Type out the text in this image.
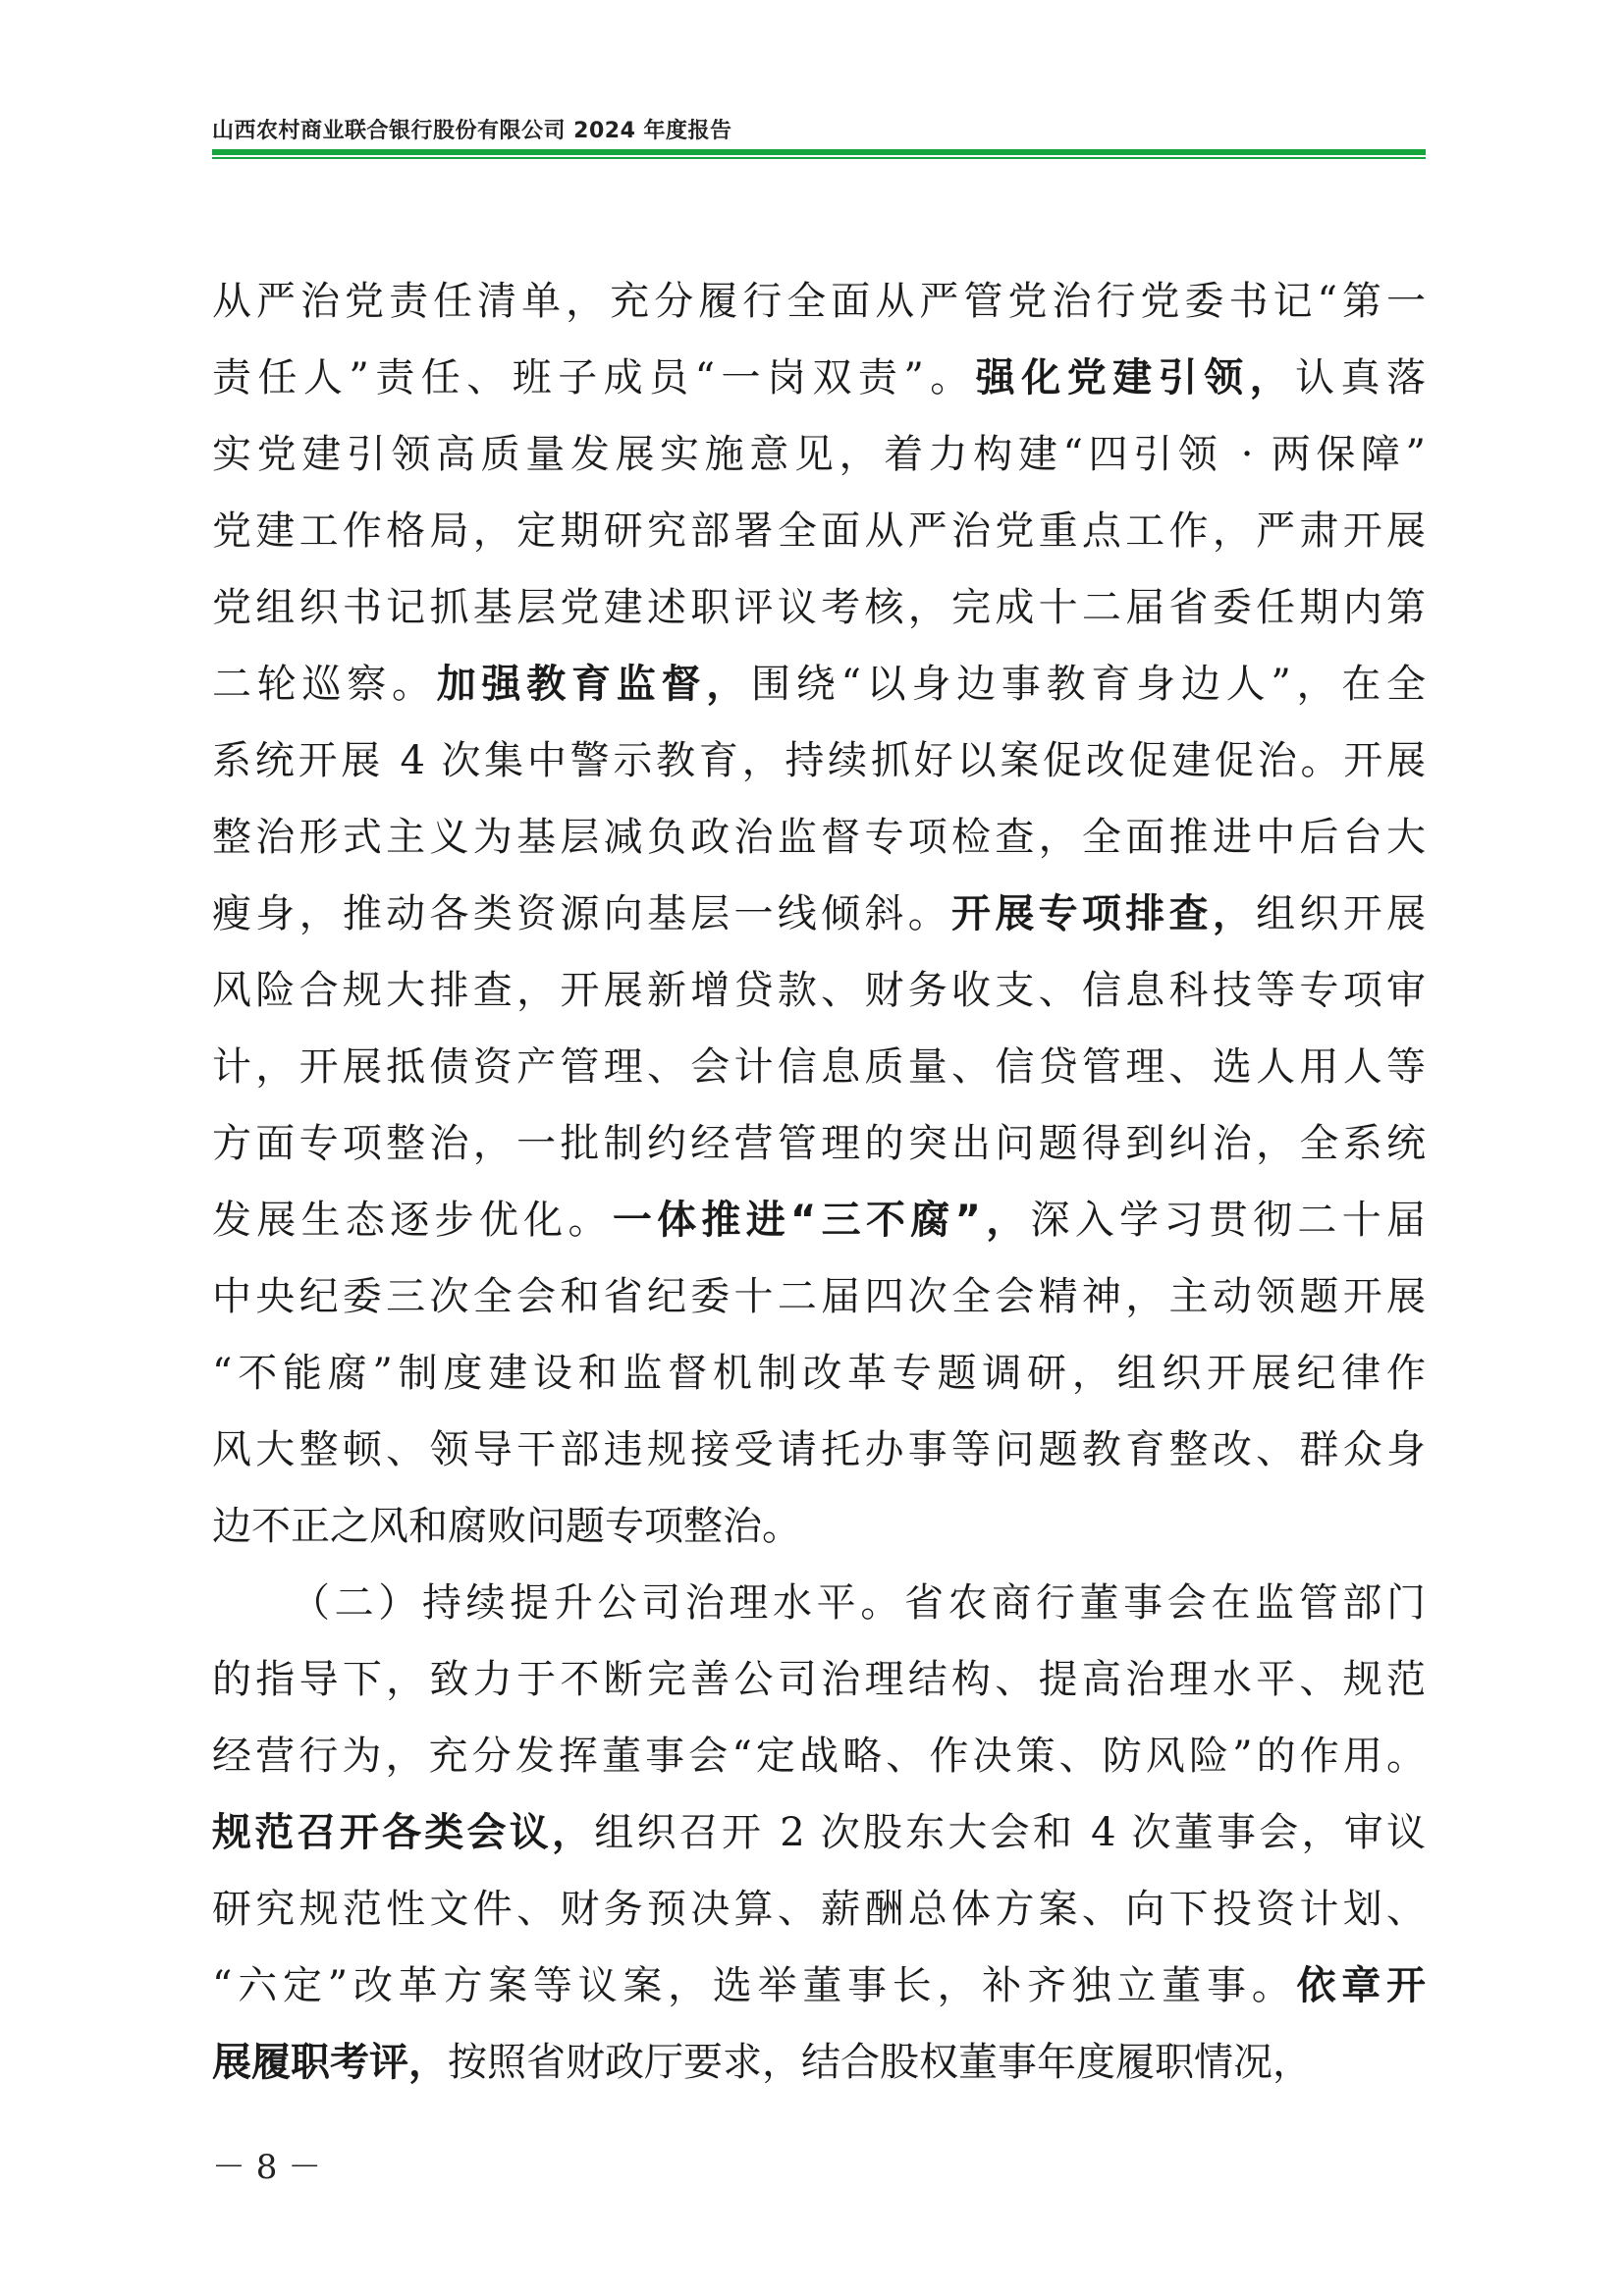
山西农村商业联合银行股份有限公司 2024 年度报告
从严治党责任清单，充分履行全面从严管党治行党委书记“第一
责任人”责任、班子成员“一岗双责”。强化党建引领，认真落
实党建引领高质量发展实施意见，着力构建“四引领 · 两保障”
党建工作格局，定期研究部署全面从严治党重点工作，严肃开展
党组织书记抓基层党建述职评议考核，完成十二届省委任期内第
二轮巡察。加强教育监督，围绕“以身边事教育身边人”，在全
系统开展 4 次集中警示教育，持续抓好以案促改促建促治。开展
整治形式主义为基层减负政治监督专项检查，全面推进中后台大
瘦身，推动各类资源向基层一线倾斜。开展专项排查，组织开展
风险合规大排查，开展新增贷款、财务收支、信息科技等专项审
计，开展抵债资产管理、会计信息质量、信贷管理、选人用人等
方面专项整治，一批制约经营管理的突出问题得到纠治，全系统
发展生态逐步优化。一体推进“三不腐”，深入学习贯彻二十届
中央纪委三次全会和省纪委十二届四次全会精神，主动领题开展
“不能腐”制度建设和监督机制改革专题调研，组织开展纪律作
风大整顿、领导干部违规接受请托办事等问题教育整改、群众身
边不正之风和腐败问题专项整治。
（二）持续提升公司治理水平。省农商行董事会在监管部门
的指导下，致力于不断完善公司治理结构、提高治理水平、规范
经营行为，充分发挥董事会“定战略、作决策、防风险”的作用。
规范召开各类会议，组织召开 2 次股东大会和 4 次董事会，审议
研究规范性文件、财务预决算、薪酬总体方案、向下投资计划、
“六定”改革方案等议案，选举董事长，补齐独立董事。依章开
展履职考评，按照省财政厅要求，结合股权董事年度履职情况，
－ 8 －
